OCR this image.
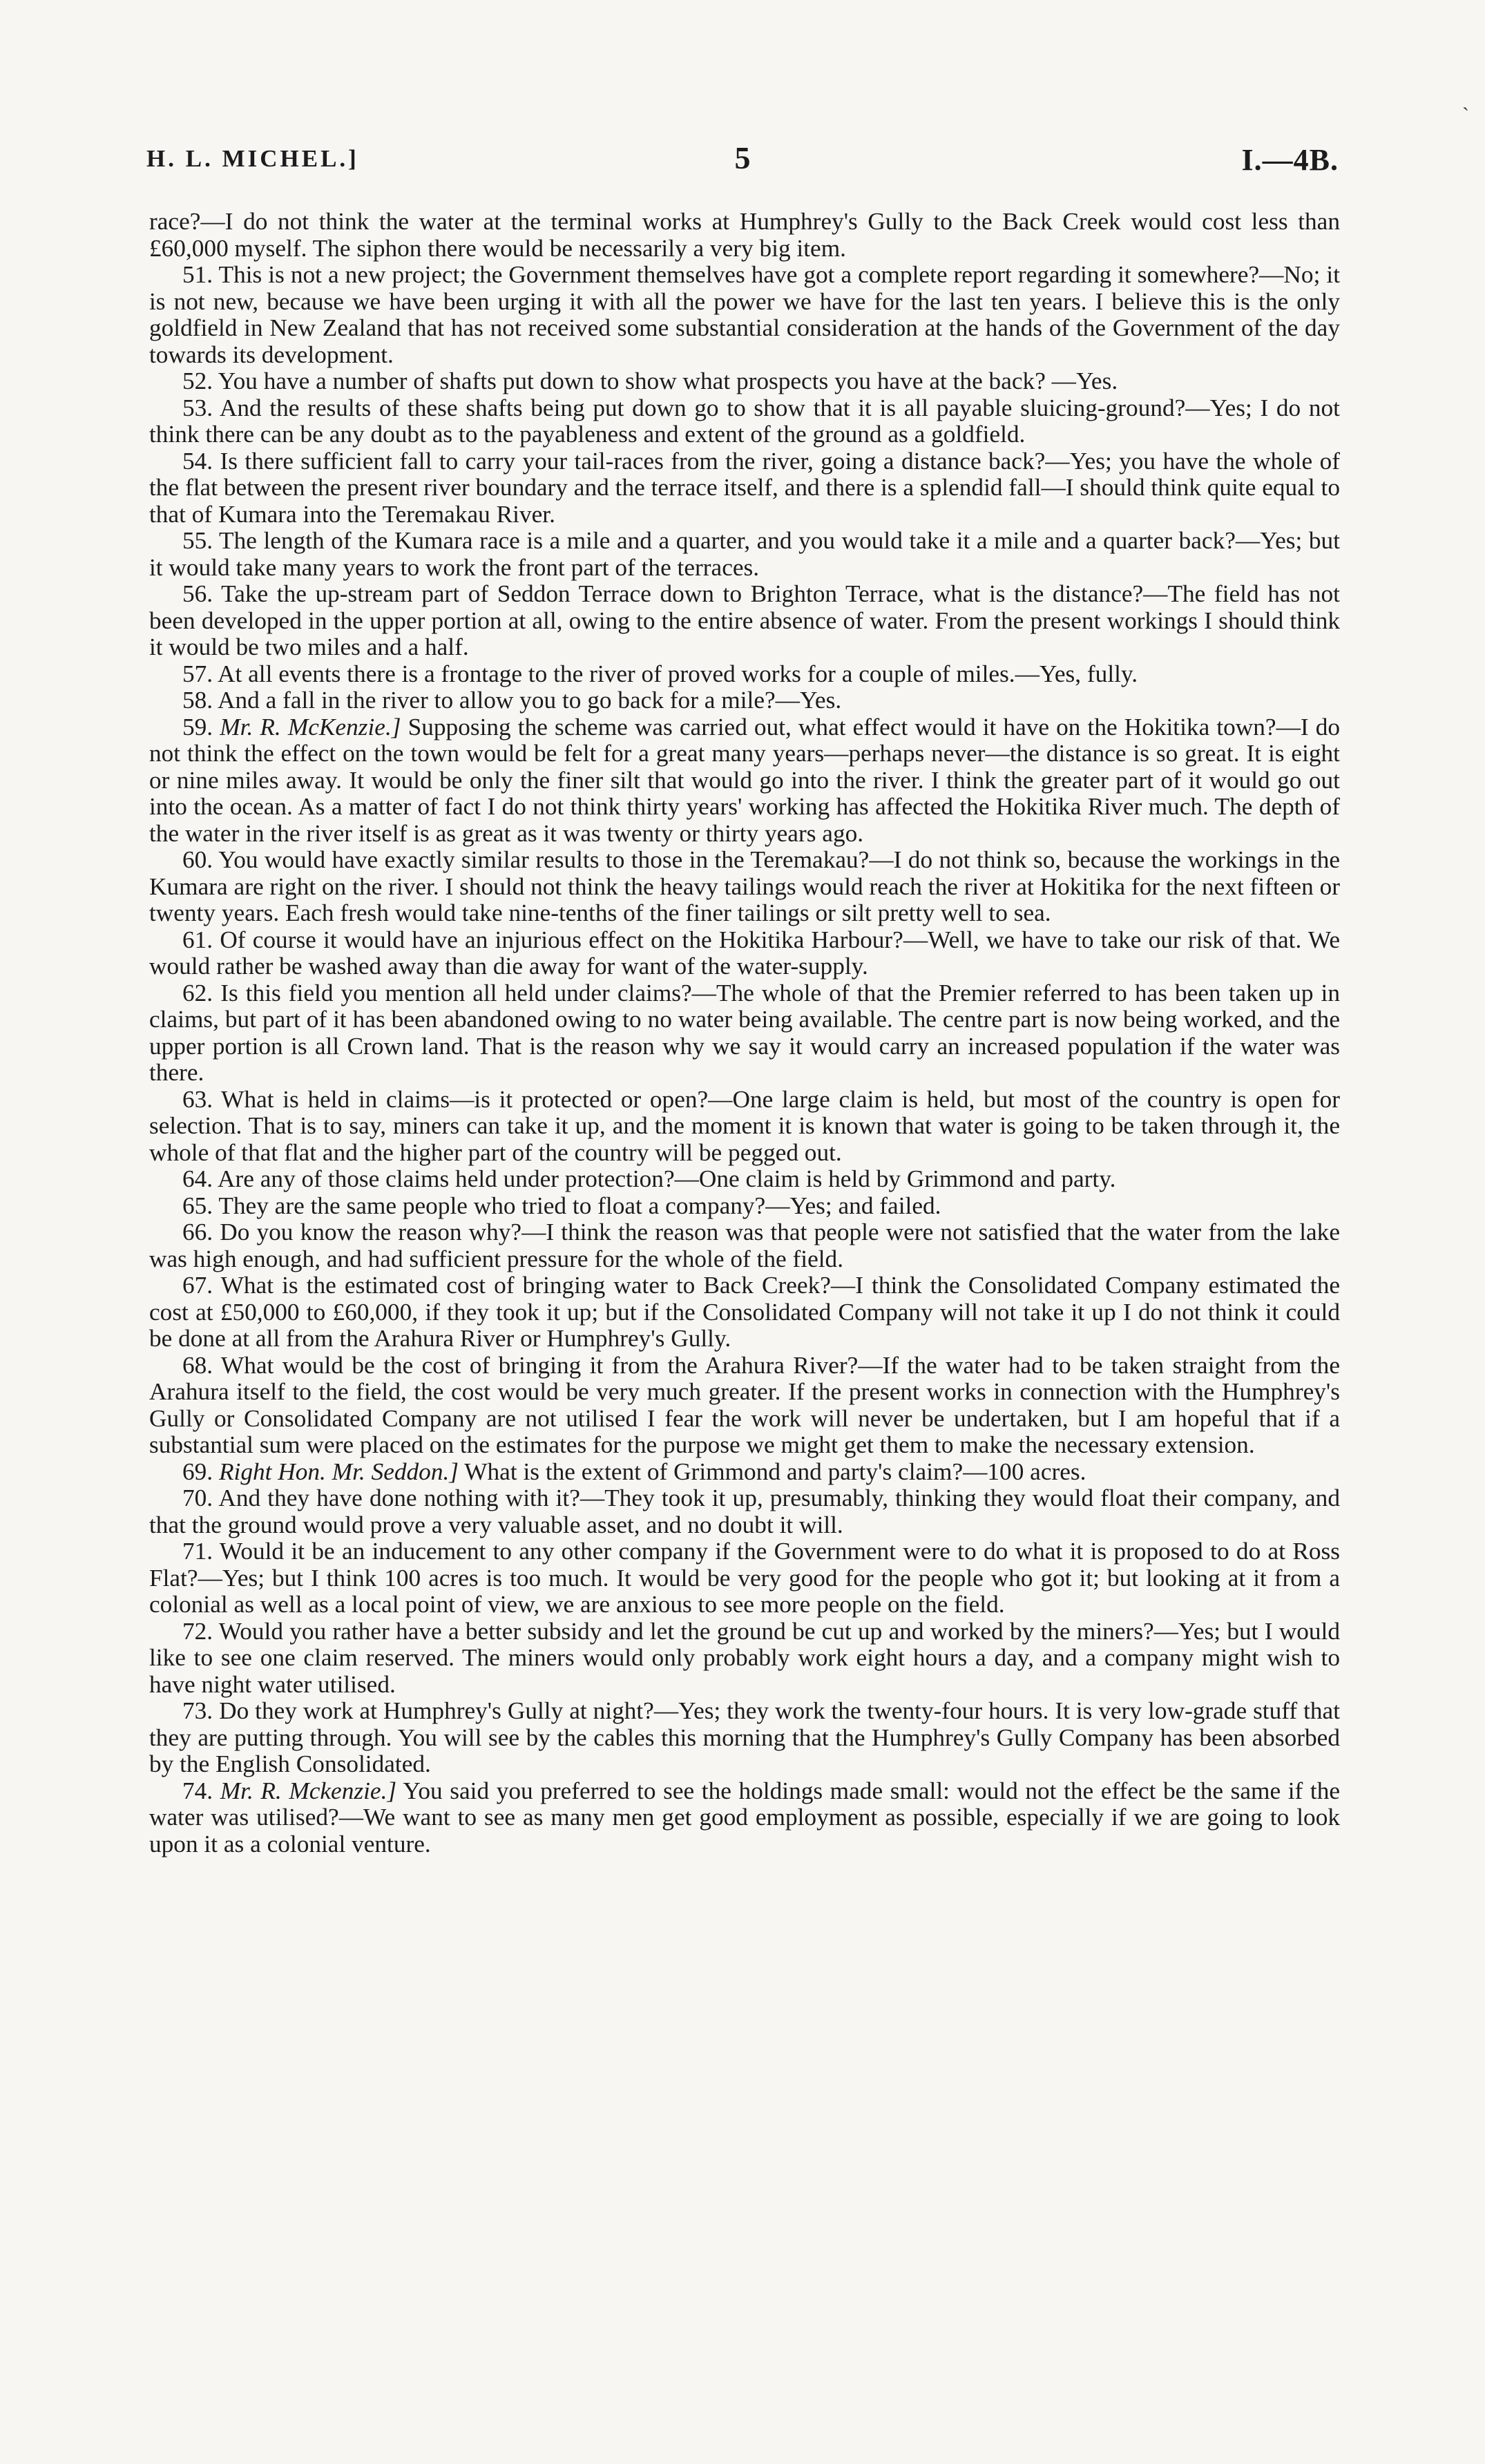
H. L. MICHEL.]	5	I.—4B.
`

race?—I do not think the water at the terminal works at Humphrey's Gully to the Back Creek would cost less than £60,000 myself. The siphon there would be necessarily a very big item.

51. This is not a new project; the Government themselves have got a complete report regarding it somewhere?—No; it is not new, because we have been urging it with all the power we have for the last ten years. I believe this is the only goldfield in New Zealand that has not received some substantial consideration at the hands of the Government of the day towards its development.

52. You have a number of shafts put down to show what prospects you have at the back? —Yes.

53. And the results of these shafts being put down go to show that it is all payable sluicing-ground?—Yes; I do not think there can be any doubt as to the payableness and extent of the ground as a goldfield.

54. Is there sufficient fall to carry your tail-races from the river, going a distance back?—Yes; you have the whole of the flat between the present river boundary and the terrace itself, and there is a splendid fall—I should think quite equal to that of Kumara into the Teremakau River.

55. The length of the Kumara race is a mile and a quarter, and you would take it a mile and a quarter back?—Yes; but it would take many years to work the front part of the terraces.

56. Take the up-stream part of Seddon Terrace down to Brighton Terrace, what is the distance?—The field has not been developed in the upper portion at all, owing to the entire absence of water. From the present workings I should think it would be two miles and a half.

57. At all events there is a frontage to the river of proved works for a couple of miles.—Yes, fully.

58. And a fall in the river to allow you to go back for a mile?—Yes.

59. Mr. R. McKenzie.] Supposing the scheme was carried out, what effect would it have on the Hokitika town?—I do not think the effect on the town would be felt for a great many years—perhaps never—the distance is so great. It is eight or nine miles away. It would be only the finer silt that would go into the river. I think the greater part of it would go out into the ocean. As a matter of fact I do not think thirty years' working has affected the Hokitika River much. The depth of the water in the river itself is as great as it was twenty or thirty years ago.

60. You would have exactly similar results to those in the Teremakau?—I do not think so, because the workings in the Kumara are right on the river. I should not think the heavy tailings would reach the river at Hokitika for the next fifteen or twenty years. Each fresh would take nine-tenths of the finer tailings or silt pretty well to sea.

61. Of course it would have an injurious effect on the Hokitika Harbour?—Well, we have to take our risk of that. We would rather be washed away than die away for want of the water-supply.

62. Is this field you mention all held under claims?—The whole of that the Premier referred to has been taken up in claims, but part of it has been abandoned owing to no water being available. The centre part is now being worked, and the upper portion is all Crown land. That is the reason why we say it would carry an increased population if the water was there.

63. What is held in claims—is it protected or open?—One large claim is held, but most of the country is open for selection. That is to say, miners can take it up, and the moment it is known that water is going to be taken through it, the whole of that flat and the higher part of the country will be pegged out.

64. Are any of those claims held under protection?—One claim is held by Grimmond and party.

65. They are the same people who tried to float a company?—Yes; and failed.

66. Do you know the reason why?—I think the reason was that people were not satisfied that the water from the lake was high enough, and had sufficient pressure for the whole of the field.

67. What is the estimated cost of bringing water to Back Creek?—I think the Consolidated Company estimated the cost at £50,000 to £60,000, if they took it up; but if the Consolidated Company will not take it up I do not think it could be done at all from the Arahura River or Humphrey's Gully.

68. What would be the cost of bringing it from the Arahura River?—If the water had to be taken straight from the Arahura itself to the field, the cost would be very much greater. If the present works in connection with the Humphrey's Gully or Consolidated Company are not utilised I fear the work will never be undertaken, but I am hopeful that if a substantial sum were placed on the estimates for the purpose we might get them to make the necessary extension.

69. Right Hon. Mr. Seddon.] What is the extent of Grimmond and party's claim?—100 acres.

70. And they have done nothing with it?—They took it up, presumably, thinking they would float their company, and that the ground would prove a very valuable asset, and no doubt it will.

71. Would it be an inducement to any other company if the Government were to do what it is proposed to do at Ross Flat?—Yes; but I think 100 acres is too much. It would be very good for the people who got it; but looking at it from a colonial as well as a local point of view, we are anxious to see more people on the field.

72. Would you rather have a better subsidy and let the ground be cut up and worked by the miners?—Yes; but I would like to see one claim reserved. The miners would only probably work eight hours a day, and a company might wish to have night water utilised.

73. Do they work at Humphrey's Gully at night?—Yes; they work the twenty-four hours. It is very low-grade stuff that they are putting through. You will see by the cables this morning that the Humphrey's Gully Company has been absorbed by the English Consolidated.

74. Mr. R. Mckenzie.] You said you preferred to see the holdings made small: would not the effect be the same if the water was utilised?—We want to see as many men get good employment as possible, especially if we are going to look upon it as a colonial venture.
